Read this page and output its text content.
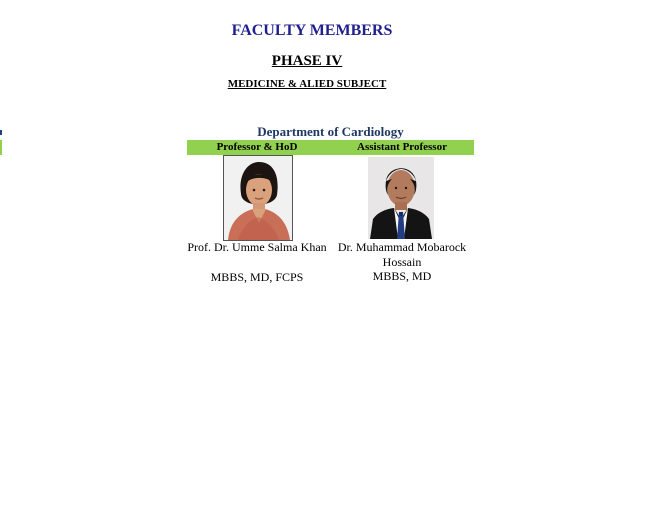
FACULTY MEMBERS
PHASE IV
MEDICINE & ALIED SUBJECT
Department of Cardiology
Professor & HoD	Assistant Professor
Prof. Dr. Umme Salma Khan
MBBS, MD, FCPS
Dr. Muhammad Mobarock Hossain
MBBS, MD
